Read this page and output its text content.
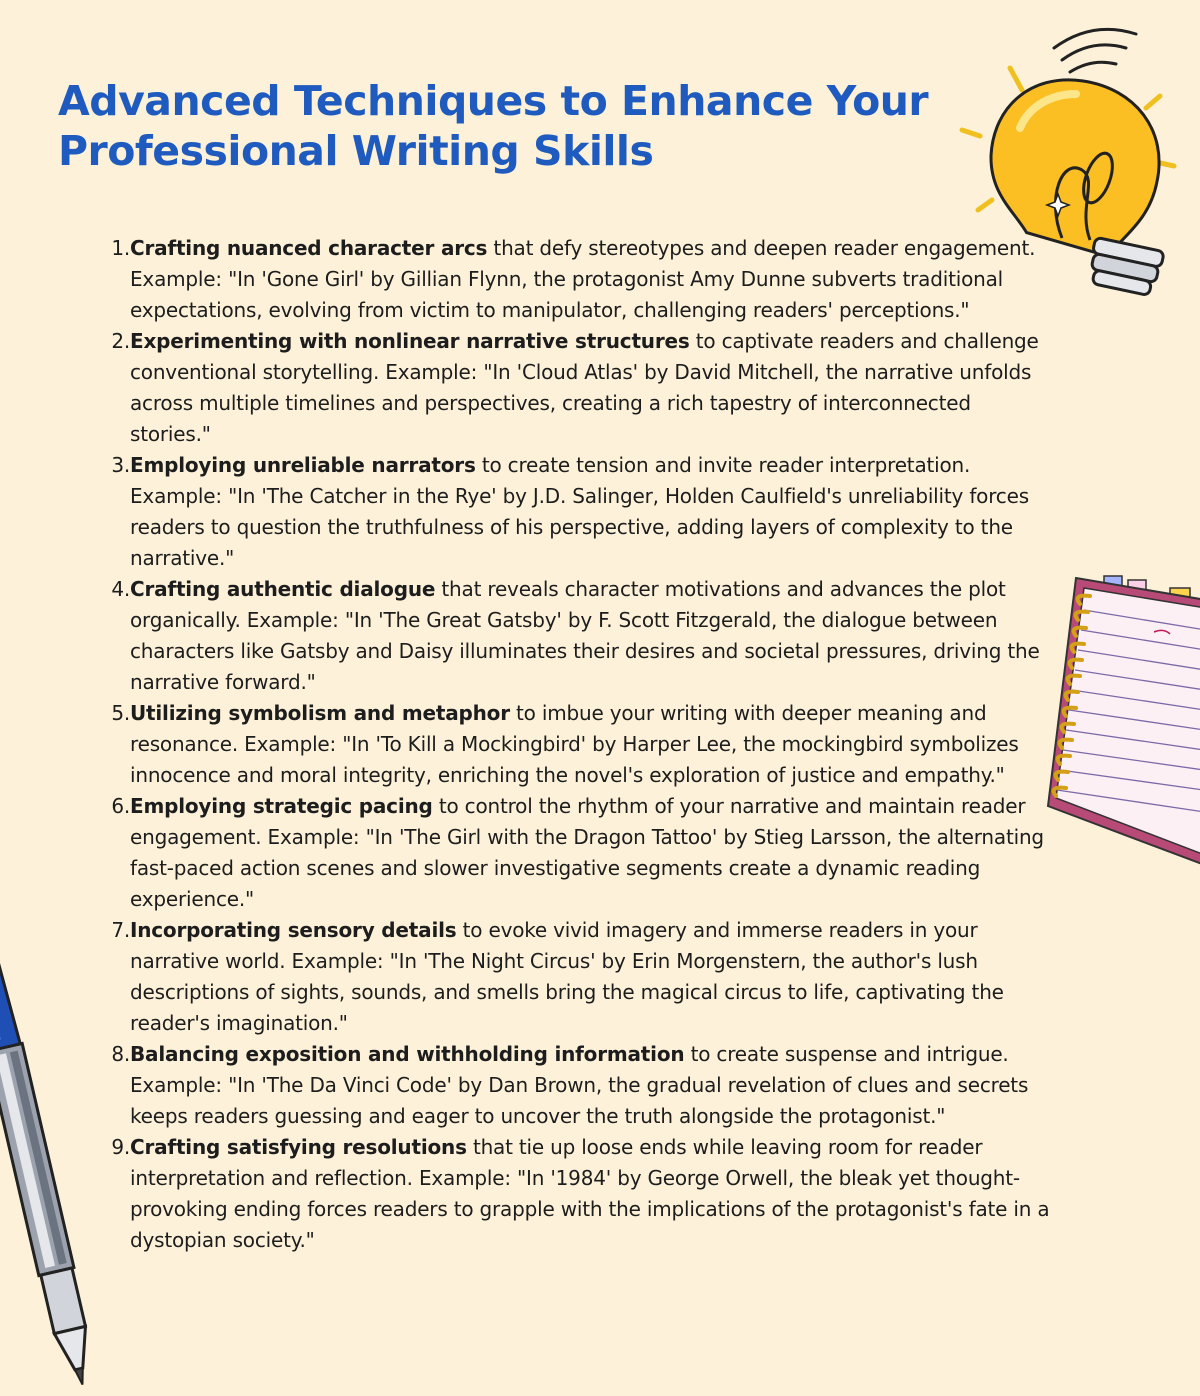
Advanced Techniques to Enhance Your Professional Writing Skills
1. Crafting nuanced character arcs that defy stereotypes and deepen reader engagement. Example: "In 'Gone Girl' by Gillian Flynn, the protagonist Amy Dunne subverts traditional expectations, evolving from victim to manipulator, challenging readers' perceptions."
2. Experimenting with nonlinear narrative structures to captivate readers and challenge conventional storytelling. Example: "In 'Cloud Atlas' by David Mitchell, the narrative unfolds across multiple timelines and perspectives, creating a rich tapestry of interconnected stories."
3. Employing unreliable narrators to create tension and invite reader interpretation. Example: "In 'The Catcher in the Rye' by J.D. Salinger, Holden Caulfield's unreliability forces readers to question the truthfulness of his perspective, adding layers of complexity to the narrative."
4. Crafting authentic dialogue that reveals character motivations and advances the plot organically. Example: "In 'The Great Gatsby' by F. Scott Fitzgerald, the dialogue between characters like Gatsby and Daisy illuminates their desires and societal pressures, driving the narrative forward."
5. Utilizing symbolism and metaphor to imbue your writing with deeper meaning and resonance. Example: "In 'To Kill a Mockingbird' by Harper Lee, the mockingbird symbolizes innocence and moral integrity, enriching the novel's exploration of justice and empathy."
6. Employing strategic pacing to control the rhythm of your narrative and maintain reader engagement. Example: "In 'The Girl with the Dragon Tattoo' by Stieg Larsson, the alternating fast-paced action scenes and slower investigative segments create a dynamic reading experience."
7. Incorporating sensory details to evoke vivid imagery and immerse readers in your narrative world. Example: "In 'The Night Circus' by Erin Morgenstern, the author's lush descriptions of sights, sounds, and smells bring the magical circus to life, captivating the reader's imagination."
8. Balancing exposition and withholding information to create suspense and intrigue. Example: "In 'The Da Vinci Code' by Dan Brown, the gradual revelation of clues and secrets keeps readers guessing and eager to uncover the truth alongside the protagonist."
9. Crafting satisfying resolutions that tie up loose ends while leaving room for reader interpretation and reflection. Example: "In '1984' by George Orwell, the bleak yet thought-provoking ending forces readers to grapple with the implications of the protagonist's fate in a dystopian society."
